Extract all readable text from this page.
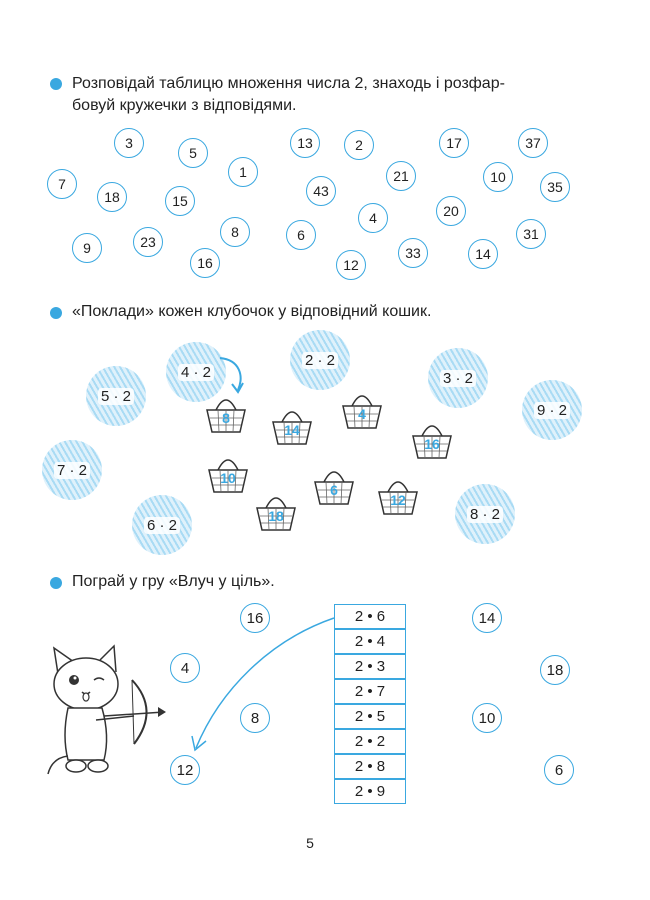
Розповідай таблицю множення числа 2, знаходь і розфар-
бовуй кружечки з відповідями.
3
5
1
13	2	17	37
7
18	15
43
21	10
35
9	23
16
8	6
4
12
33
20
14
31
«Поклади» кожен клубочок у відповідний кошик.
4 · 2
2 · 2
3 · 2
5 · 2
9 · 2
7 · 2
6 · 2
8 · 2
8
14
4
16
10
6
12
18
Пограй у гру «Влуч у ціль».
2 • 6
2 • 4
2 • 3
2 • 7
2 • 5
2 • 2
2 • 8
2 • 9
16
4
8
12
14
18
10
6
5
